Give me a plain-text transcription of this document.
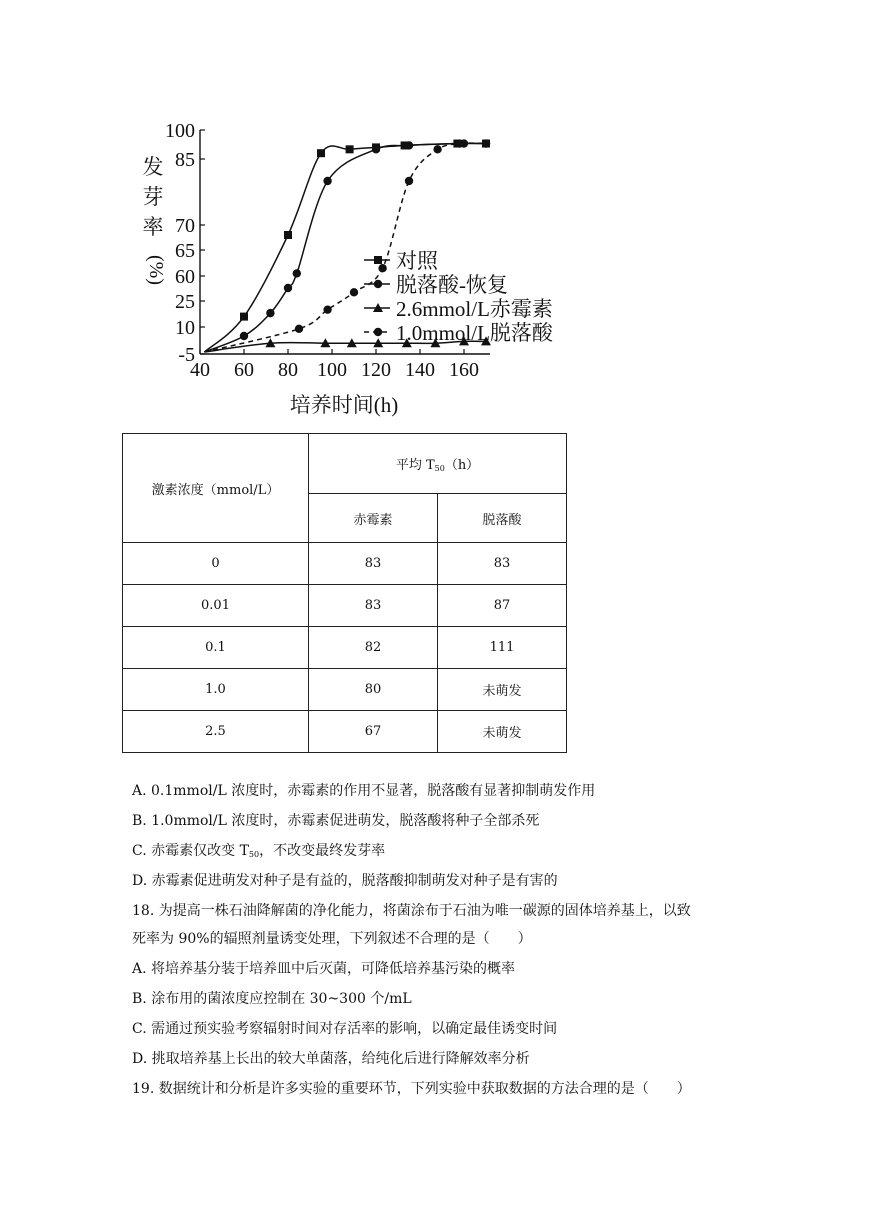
(%)
-5
10
25
60
65
70
85
100
40 60 80 100 120 140 160
对照
脱落酸-恢复
2.6mmol/L赤霉素
1.0mmol/L脱落酸
发芽率
培养时间(h)
激素浓度（mmol/L）	平均 $T_{50}(h)$	
	赤霉素	脱落酸
0	83	83
0.01	83	87
0.1	82	111
1.0	80	未萌发
2.5	67	未萌发
A. 0.1mmol/L 浓度时，赤霉素的作用不显著，脱落酸有显著抑制萌发作用
B. 1.0mmol/L 浓度时，赤霉素促进萌发，脱落酸将种子全部杀死
C. 赤霉素仅改变 $T_{50}$，不改变最终发芽率
D. 赤霉素促进萌发对种子是有益的，脱落酸抑制萌发对种子是有害的
18. 为提高一株石油降解菌的净化能力，将菌涂布于石油为唯一碳源的固体培养基上，以致
死率为 90%的辐照剂量诱变处理，下列叙述不合理的是（　　）
A. 将培养基分装于培养皿中后灭菌，可降低培养基污染的概率
B. 涂布用的菌浓度应控制在 30~300 个/mL
C. 需通过预实验考察辐射时间对存活率的影响，以确定最佳诱变时间
D. 挑取培养基上长出的较大单菌落，给纯化后进行降解效率分析
19. 数据统计和分析是许多实验的重要环节，下列实验中获取数据的方法合理的是（　　）
